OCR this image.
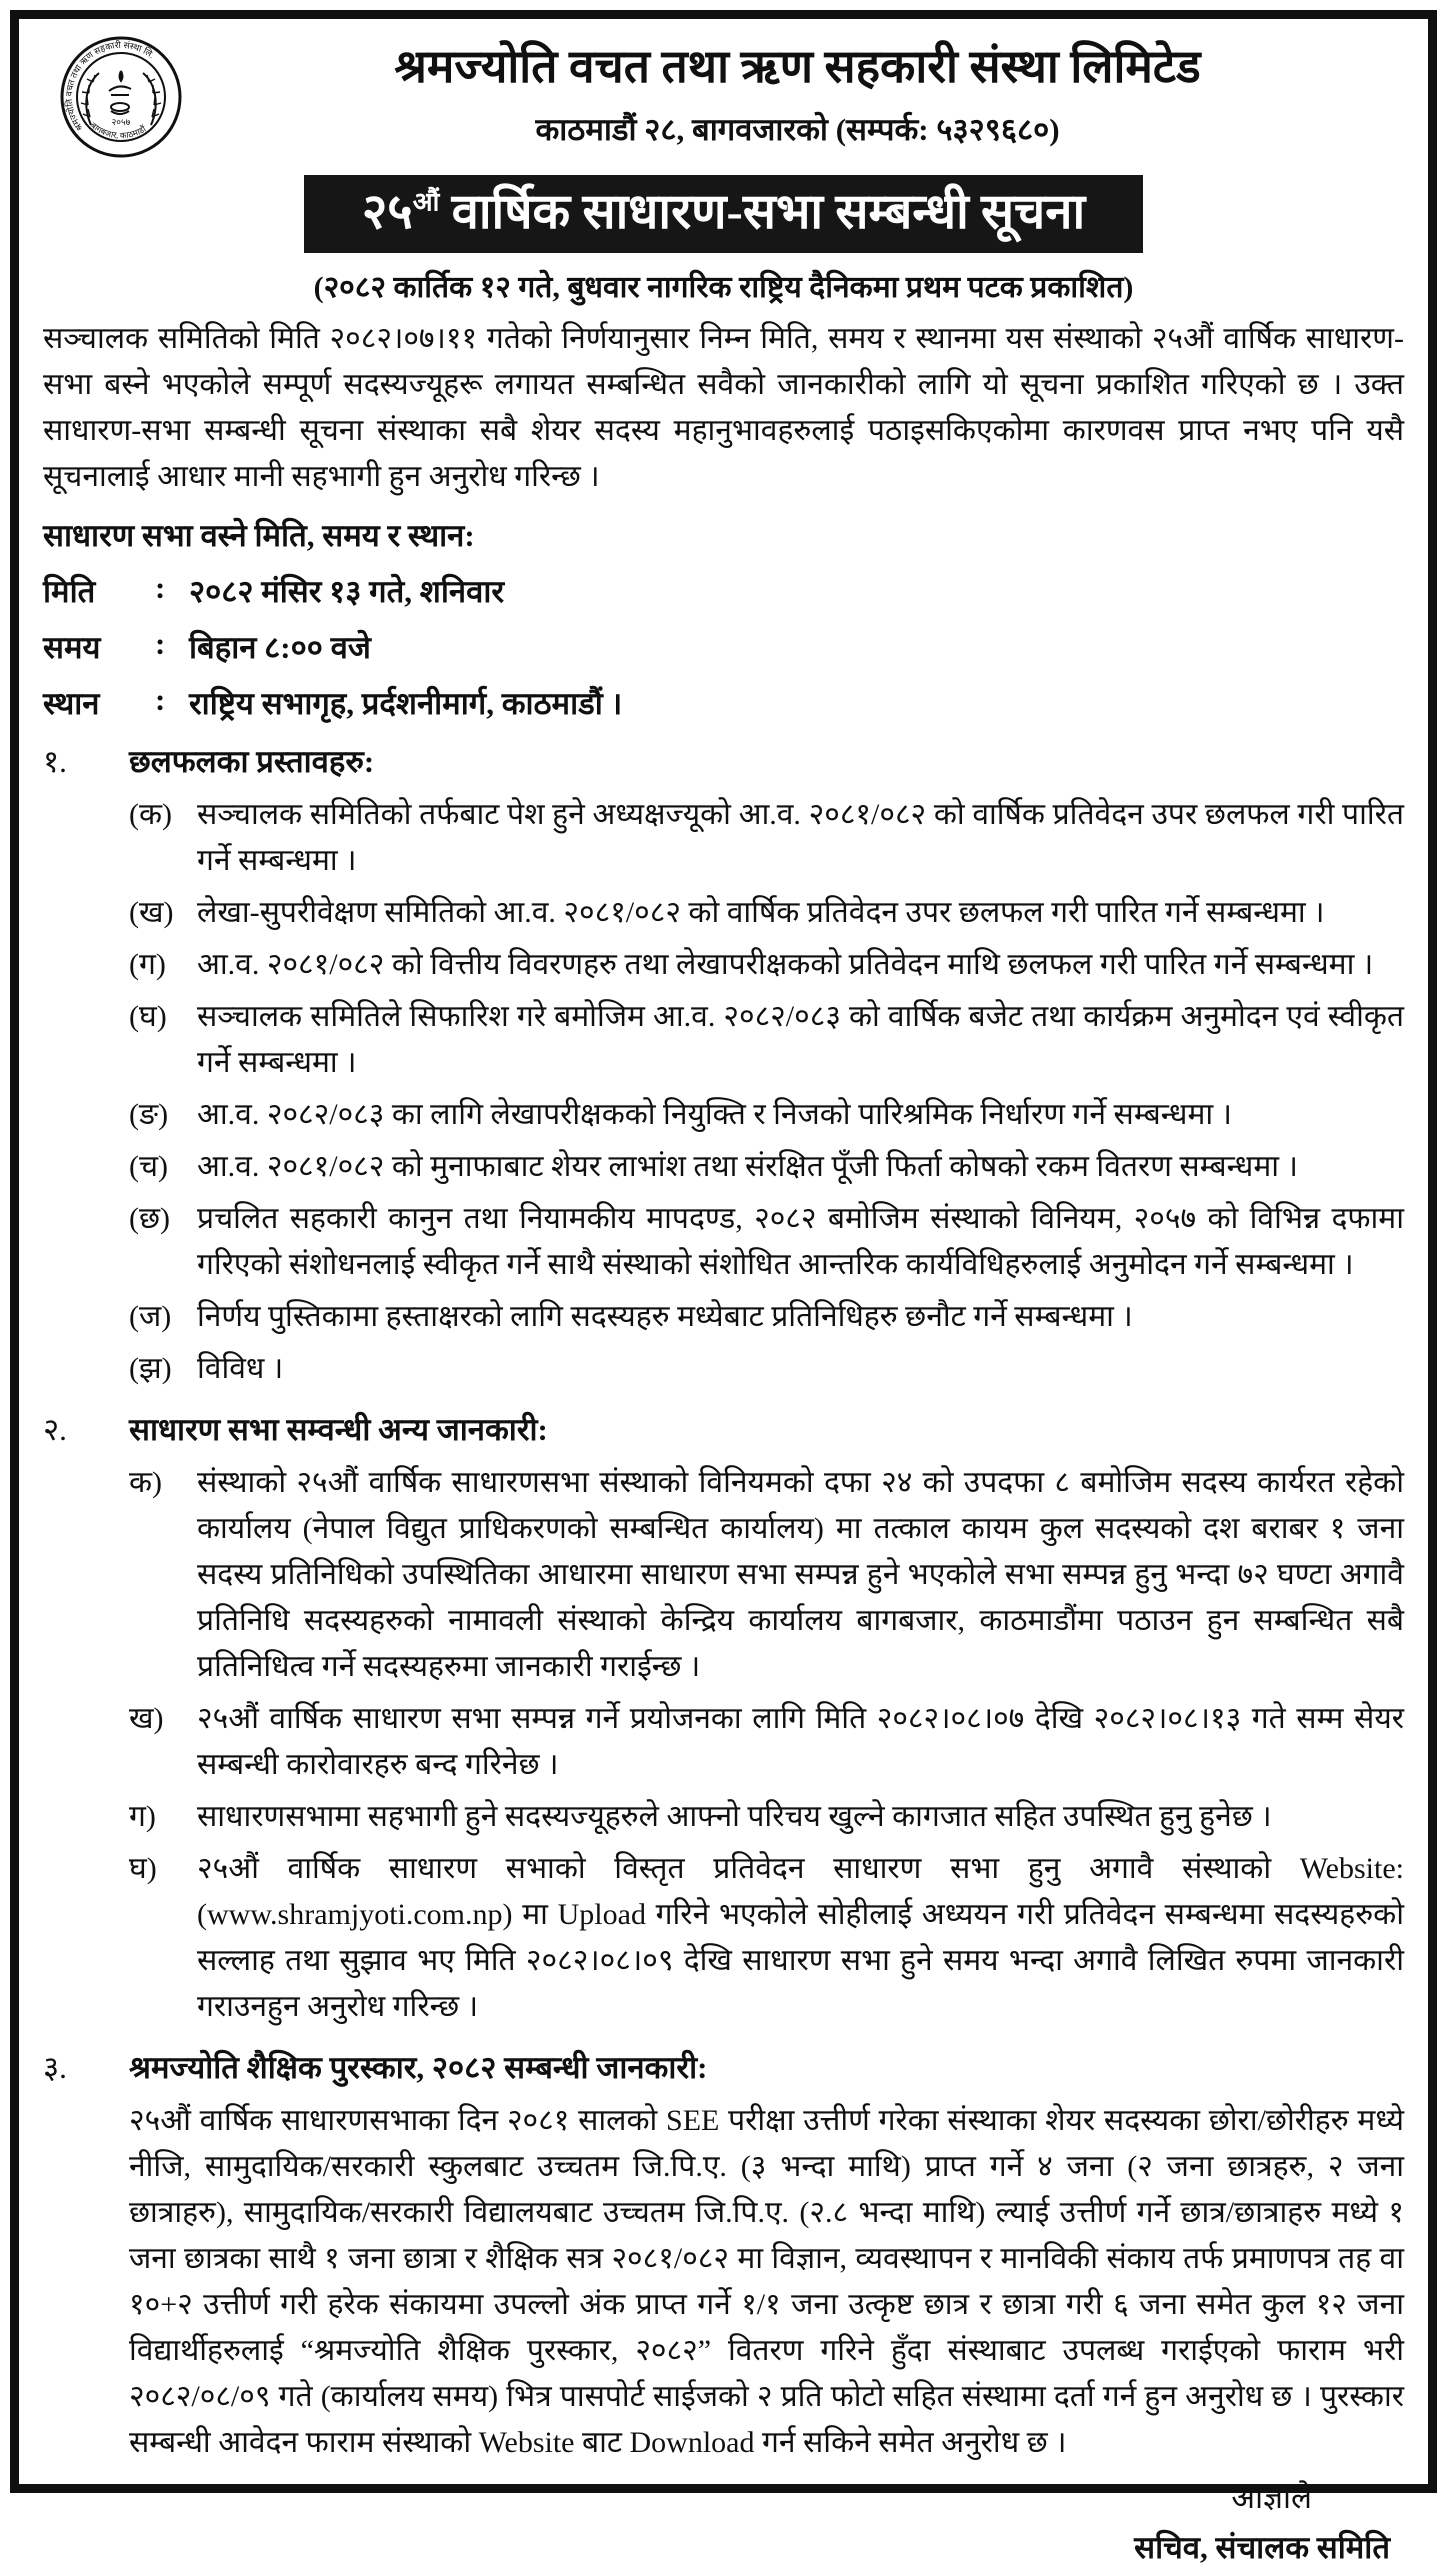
श्रमज्योति वचत तथा ऋण सहकारी संस्था लि.
२०५७
बागबजार, काठमाडौं
श्रमज्योति वचत तथा ऋण सहकारी संस्था लिमिटेड
काठमाडौं २८, बागवजारको (सम्पर्क: ५३२९६८०)
$२५^{औं}$ वार्षिक साधारण-सभा सम्बन्धी सूचना
(२०८२ कार्तिक १२ गते, बुधवार नागरिक राष्ट्रिय दैनिकमा प्रथम पटक प्रकाशित)

सञ्चालक समितिको मिति २०८२।०७।११ गतेको निर्णयानुसार निम्न मिति, समय र स्थानमा यस संस्थाको २५औं वार्षिक साधारण-सभा बस्ने भएकोले सम्पूर्ण सदस्यज्यूहरू लगायत सम्बन्धित सवैको जानकारीको लागि यो सूचना प्रकाशित गरिएको छ । उक्त साधारण-सभा सम्बन्धी सूचना संस्थाका सबै शेयर सदस्य महानुभावहरुलाई पठाइसकिएकोमा कारणवस प्राप्त नभए पनि यसै सूचनालाई आधार मानी सहभागी हुन अनुरोध गरिन्छ ।

साधारण सभा वस्ने मिति, समय र स्थान:
मिति	: २०८२ मंसिर १३ गते, शनिवार
समय	: बिहान ८:०० वजे
स्थान	: राष्ट्रिय सभागृह, प्रर्दशनीमार्ग, काठमाडौं ।
१.	छलफलका प्रस्तावहरु:
(क) सञ्चालक समितिको तर्फबाट पेश हुने अध्यक्षज्यूको आ.व. २०८१/०८२ को वार्षिक प्रतिवेदन उपर छलफल गरी पारित गर्ने सम्बन्धमा ।
(ख) लेखा-सुपरीवेक्षण समितिको आ.व. २०८१/०८२ को वार्षिक प्रतिवेदन उपर छलफल गरी पारित गर्ने सम्बन्धमा ।
(ग)	आ.व. २०८१/०८२ को वित्तीय विवरणहरु तथा लेखापरीक्षकको प्रतिवेदन माथि छलफल गरी पारित गर्ने सम्बन्धमा ।
(घ)	सञ्चालक समितिले सिफारिश गरे बमोजिम आ.व. २०८२/०८३ को वार्षिक बजेट तथा कार्यक्रम अनुमोदन एवं स्वीकृत गर्ने सम्बन्धमा ।
(ङ) आ.व. २०८२/०८३ का लागि लेखापरीक्षकको नियुक्ति र निजको पारिश्रमिक निर्धारण गर्ने सम्बन्धमा ।
(च) आ.व. २०८१/०८२ को मुनाफाबाट शेयर लाभांश तथा संरक्षित पूँजी फिर्ता कोषको रकम वितरण सम्बन्धमा ।
(छ) प्रचलित सहकारी कानुन तथा नियामकीय मापदण्ड, २०८२ बमोजिम संस्थाको विनियम, २०५७ को विभिन्न दफामा गरिएको संशोधनलाई स्वीकृत गर्ने साथै संस्थाको संशोधित आन्तरिक कार्यविधिहरुलाई अनुमोदन गर्ने सम्बन्धमा ।
(ज) निर्णय पुस्तिकामा हस्ताक्षरको लागि सदस्यहरु मध्येबाट प्रतिनिधिहरु छनौट गर्ने सम्बन्धमा ।
(झ) विविध ।
२.	साधारण सभा सम्वन्धी अन्य जानकारी:
क)	संस्थाको २५औं वार्षिक साधारणसभा संस्थाको विनियमको दफा २४ को उपदफा ८ बमोजिम सदस्य कार्यरत रहेको कार्यालय (नेपाल विद्युत प्राधिकरणको सम्बन्धित कार्यालय) मा तत्काल कायम कुल सदस्यको दश बराबर १ जना सदस्य प्रतिनिधिको उपस्थितिका आधारमा साधारण सभा सम्पन्न हुने भएकोले सभा सम्पन्न हुनु भन्दा ७२ घण्टा अगावै प्रतिनिधि सदस्यहरुको नामावली संस्थाको केन्द्रिय कार्यालय बागबजार, काठमाडौंमा पठाउन हुन सम्बन्धित सबै प्रतिनिधित्व गर्ने सदस्यहरुमा जानकारी गराईन्छ ।
ख)	२५औं वार्षिक साधारण सभा सम्पन्न गर्ने प्रयोजनका लागि मिति २०८२।०८।०७ देखि २०८२।०८।१३ गते सम्म सेयर सम्बन्धी कारोवारहरु बन्द गरिनेछ ।
ग)	साधारणसभामा सहभागी हुने सदस्यज्यूहरुले आफ्नो परिचय खुल्ने कागजात सहित उपस्थित हुनु हुनेछ ।
घ)	२५औं वार्षिक साधारण सभाको विस्तृत प्रतिवेदन साधारण सभा हुनु अगावै संस्थाको Website: (www.shramjyoti.com.np) मा Upload गरिने भएकोले सोहीलाई अध्ययन गरी प्रतिवेदन सम्बन्धमा सदस्यहरुको सल्लाह तथा सुझाव भए मिति २०८२।०८।०९ देखि साधारण सभा हुने समय भन्दा अगावै लिखित रुपमा जानकारी गराउनहुन अनुरोध गरिन्छ ।
३.	श्रमज्योति शैक्षिक पुरस्कार, २०८२ सम्बन्धी जानकारी:
२५औं वार्षिक साधारणसभाका दिन २०८१ सालको SEE परीक्षा उत्तीर्ण गरेका संस्थाका शेयर सदस्यका छोरा/छोरीहरु मध्ये नीजि, सामुदायिक/सरकारी स्कुलबाट उच्चतम जि.पि.ए. (३ भन्दा माथि) प्राप्त गर्ने ४ जना (२ जना छात्रहरु, २ जना छात्राहरु), सामुदायिक/सरकारी विद्यालयबाट उच्चतम जि.पि.ए. (२.८ भन्दा माथि) ल्याई उत्तीर्ण गर्ने छात्र/छात्राहरु मध्ये १ जना छात्रका साथै १ जना छात्रा र शैक्षिक सत्र २०८१/०८२ मा विज्ञान, व्यवस्थापन र मानविकी संकाय तर्फ प्रमाणपत्र तह वा १०+२ उत्तीर्ण गरी हरेक संकायमा उपल्लो अंक प्राप्त गर्ने १/१ जना उत्कृष्ट छात्र र छात्रा गरी ६ जना समेत कुल १२ जना विद्यार्थीहरुलाई “श्रमज्योति शैक्षिक पुरस्कार, २०८२” वितरण गरिने हुँदा संस्थाबाट उपलब्ध गराईएको फाराम भरी २०८२/०८/०९ गते (कार्यालय समय) भित्र पासपोर्ट साईजको २ प्रति फोटो सहित संस्थामा दर्ता गर्न हुन अनुरोध छ । पुरस्कार सम्बन्धी आवेदन फाराम संस्थाको Website बाट Download गर्न सकिने समेत अनुरोध छ ।
आज्ञाले
सचिव, संचालक समिति
